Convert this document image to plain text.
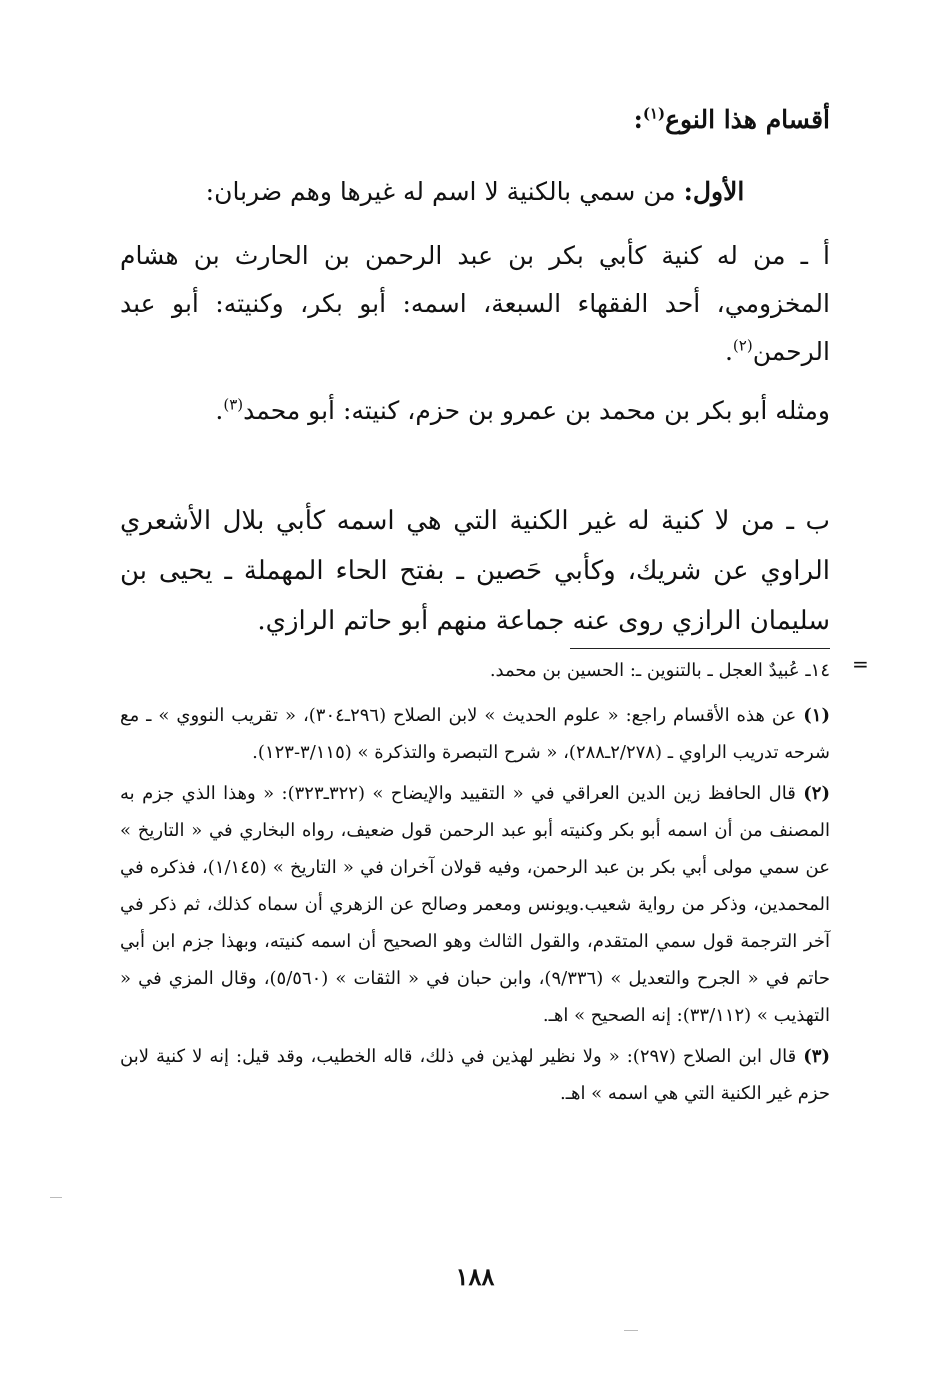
أقسام هذا النوع$^{(١)}$:
الأول: من سمي بالكنية لا اسم له غيرها وهم ضربان:
أ ـ من له كنية كأبي بكر بن عبد الرحمن بن الحارث بن هشام المخزومي، أحد الفقهاء السبعة، اسمه: أبو بكر، وكنيته: أبو عبد الرحمن$^{(٢)}$.
ومثله أبو بكر بن محمد بن عمرو بن حزم، كنيته: أبو محمد$^{(٣)}$.
ب ـ من لا كنية له غير الكنية التي هي اسمه كأبي بلال الأشعري الراوي عن شريك، وكأبي حَصين ـ بفتح الحاء المهملة ـ يحيى بن سليمان الرازي روى عنه جماعة منهم أبو حاتم الرازي.
=

١٤ـ عُبيدٌ العجل ـ بالتنوين ـ: الحسين بن محمد.

(١) عن هذه الأقسام راجع: « علوم الحديث » لابن الصلاح (٢٩٦ـ٣٠٤)، « تقريب النووي » ـ مع شرحه تدريب الراوي ـ (٢/٢٧٨ـ٢٨٨)، « شرح التبصرة والتذكرة » (٣/١١٥-١٢٣).

(٢) قال الحافظ زين الدين العراقي في « التقييد والإيضاح » (٣٢٢ـ٣٢٣): « وهذا الذي جزم به المصنف من أن اسمه أبو بكر وكنيته أبو عبد الرحمن قول ضعيف، رواه البخاري في « التاريخ » عن سمي مولى أبي بكر بن عبد الرحمن، وفيه قولان آخران في « التاريخ » (١/١٤٥)، فذكره في المحمدين، وذكر من رواية شعيب.ويونس ومعمر وصالح عن الزهري أن سماه كذلك، ثم ذكر في آخر الترجمة قول سمي المتقدم، والقول الثالث وهو الصحيح أن اسمه كنيته، وبهذا جزم ابن أبي حاتم في « الجرح والتعديل » (٩/٣٣٦)، وابن حبان في « الثقات » (٥/٥٦٠)، وقال المزي في « التهذيب » (٣٣/١١٢): إنه الصحيح » اهـ.

(٣) قال ابن الصلاح (٢٩٧): « ولا نظير لهذين في ذلك، قاله الخطيب، وقد قيل: إنه لا كنية لابن حزم غير الكنية التي هي اسمه » اهـ.

١٨٨
